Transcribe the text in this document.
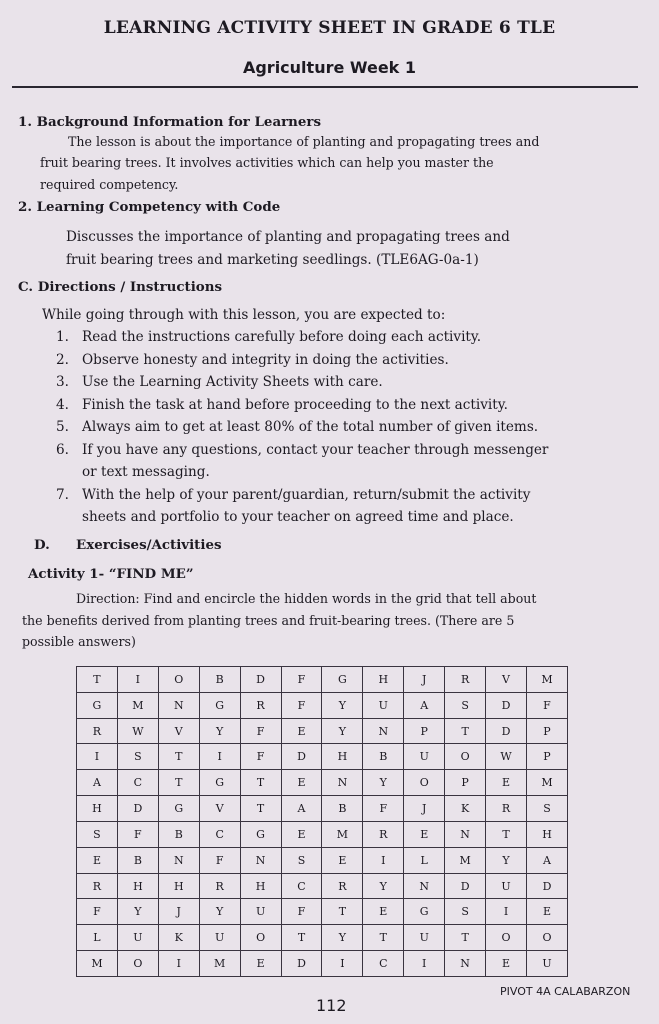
LEARNING ACTIVITY SHEET IN GRADE 6 TLE
Agriculture Week 1
1. Background Information for Learners
The lesson is about the importance of planting and propagating trees and
fruit bearing trees. It involves activities which can help you master the
required competency.
2. Learning Competency with Code
Discusses the importance of planting and propagating trees and
fruit bearing trees and marketing seedlings. (TLE6AG-0a-1)
C. Directions / Instructions
While going through with this lesson, you are expected to:
1. Read the instructions carefully before doing each activity.
2. Observe honesty and integrity in doing the activities.
3. Use the Learning Activity Sheets with care.
4. Finish the task at hand before proceeding to the next activity.
5. Always aim to get at least 80% of the total number of given items.
6. If you have any questions, contact your teacher through messenger
or text messaging.
7. With the help of your parent/guardian, return/submit the activity
sheets and portfolio to your teacher on agreed time and place.
D. Exercises/Activities
Activity 1- “FIND ME”
Direction: Find and encircle the hidden words in the grid that tell about
the benefits derived from planting trees and fruit-bearing trees. (There are 5
possible answers)
T	I	O	B	D	F	G	H	J	R	V	M
G	M	N	G	R	F	Y	U	A	S	D	F
R	W	V	Y	F	E	Y	N	P	T	D	P
I	S	T	I	F	D	H	B	U	O	W	P
A	C	T	G	T	E	N	Y	O	P	E	M
H	D	G	V	T	A	B	F	J	K	R	S
S	F	B	C	G	E	M	R	E	N	T	H
E	B	N	F	N	S	E	I	L	M	Y	A
R	H	H	R	H	C	R	Y	N	D	U	D
F	Y	J	Y	U	F	T	E	G	S	I	E
L	U	K	U	O	T	Y	T	U	T	O	O
M	O	I	M	E	D	I	C	I	N	E	U
PIVOT 4A CALABARZON
112
